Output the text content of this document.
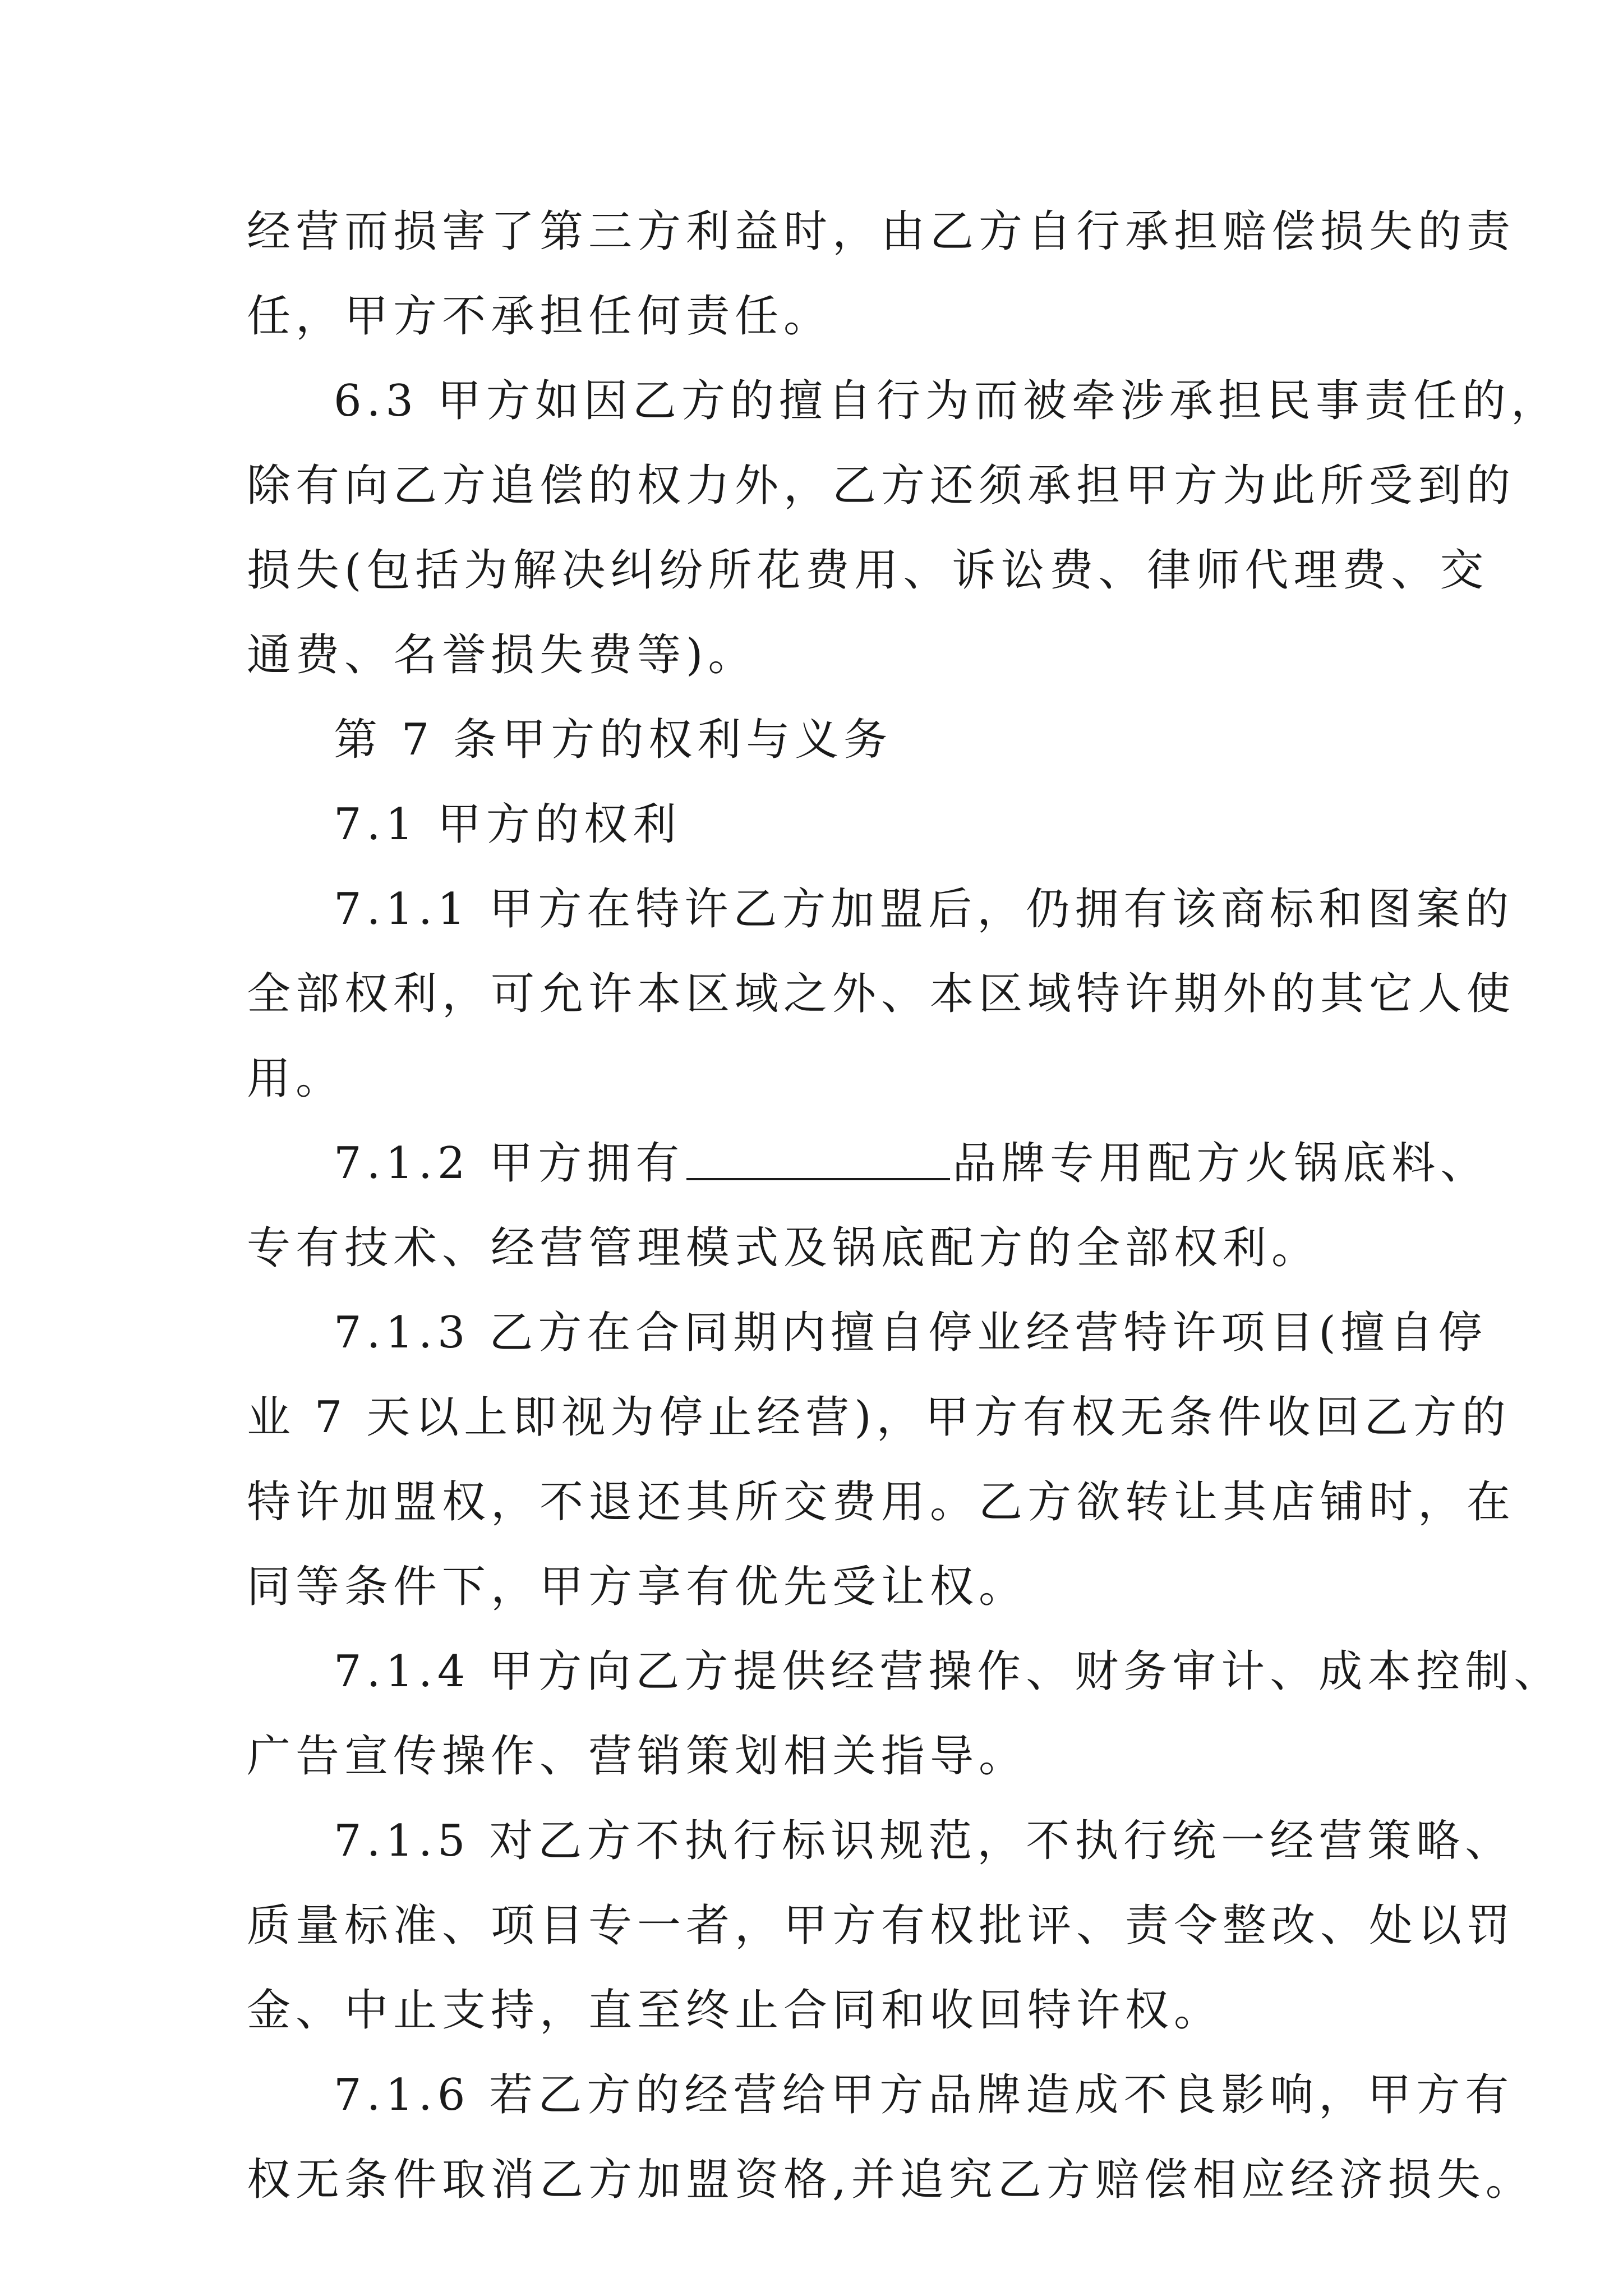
经营而损害了第三方利益时，由乙方自行承担赔偿损失的责
任，甲方不承担任何责任。
6.3 甲方如因乙方的擅自行为而被牵涉承担民事责任的，
除有向乙方追偿的权力外，乙方还须承担甲方为此所受到的
损失(包括为解决纠纷所花费用、诉讼费、律师代理费、交
通费、名誉损失费等)。
第 7 条甲方的权利与义务
7.1 甲方的权利
7.1.1 甲方在特许乙方加盟后，仍拥有该商标和图案的
全部权利，可允许本区域之外、本区域特许期外的其它人使
用。
7.1.2 甲方拥有	品牌专用配方火锅底料、
专有技术、经营管理模式及锅底配方的全部权利。
7.1.3 乙方在合同期内擅自停业经营特许项目(擅自停
业 7 天以上即视为停止经营)，甲方有权无条件收回乙方的
特许加盟权，不退还其所交费用。乙方欲转让其店铺时，在
同等条件下，甲方享有优先受让权。
7.1.4 甲方向乙方提供经营操作、财务审计、成本控制、
广告宣传操作、营销策划相关指导。
7.1.5 对乙方不执行标识规范，不执行统一经营策略、
质量标准、项目专一者，甲方有权批评、责令整改、处以罚
金、中止支持，直至终止合同和收回特许权。
7.1.6 若乙方的经营给甲方品牌造成不良影响，甲方有
权无条件取消乙方加盟资格,并追究乙方赔偿相应经济损失。
